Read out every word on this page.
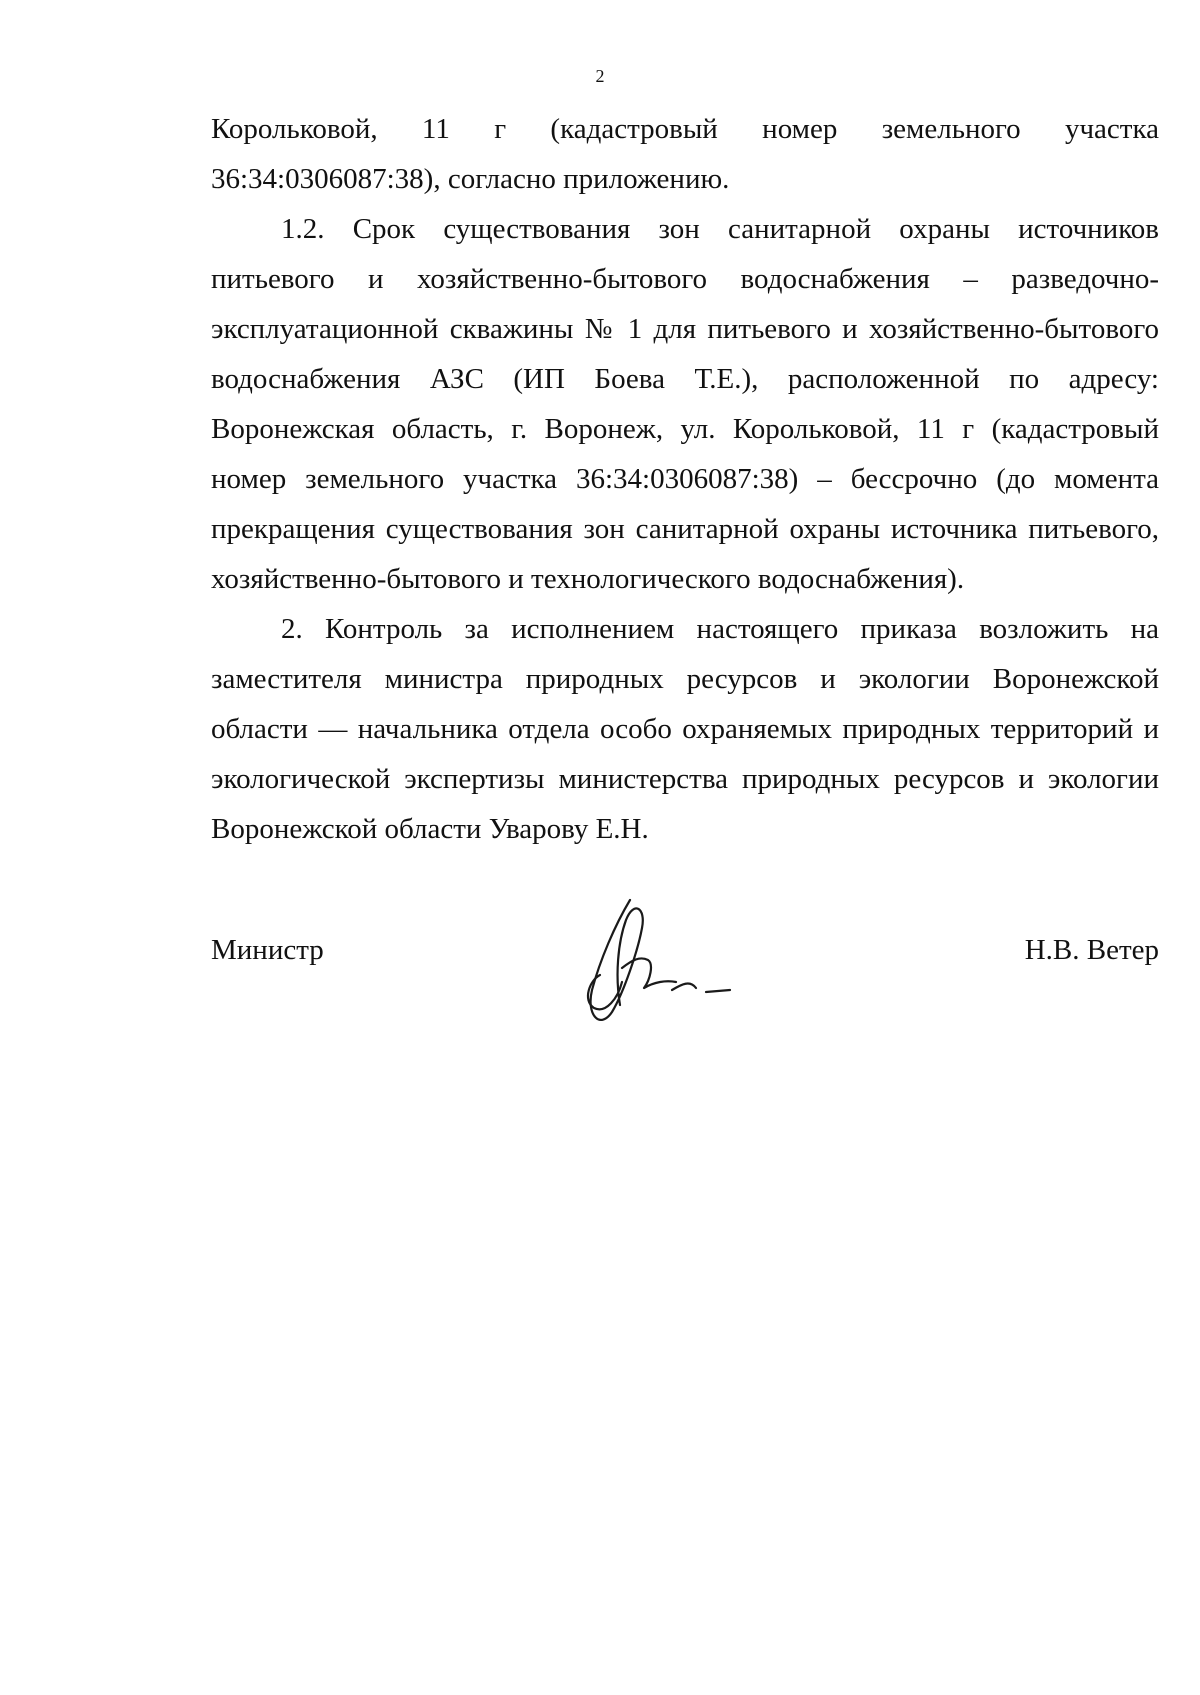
2

Корольковой, 11 г (кадастровый номер земельного участка 36:34:0306087:38), согласно приложению.

1.2. Срок существования зон санитарной охраны источников питьевого и хозяйственно-бытового водоснабжения – разведочно-эксплуатационной скважины № 1 для питьевого и хозяйственно-бытового водоснабжения АЗС (ИП Боева Т.Е.), расположенной по адресу: Воронежская область, г. Воронеж, ул. Корольковой, 11 г (кадастровый номер земельного участка 36:34:0306087:38) – бессрочно (до момента прекращения существования зон санитарной охраны источника питьевого, хозяйственно-бытового и технологического водоснабжения).

2. Контроль за исполнением настоящего приказа возложить на заместителя министра природных ресурсов и экологии Воронежской области — начальника отдела особо охраняемых природных территорий и экологической экспертизы министерства природных ресурсов и экологии Воронежской области Уварову Е.Н.

Министр	Н.В. Ветер
